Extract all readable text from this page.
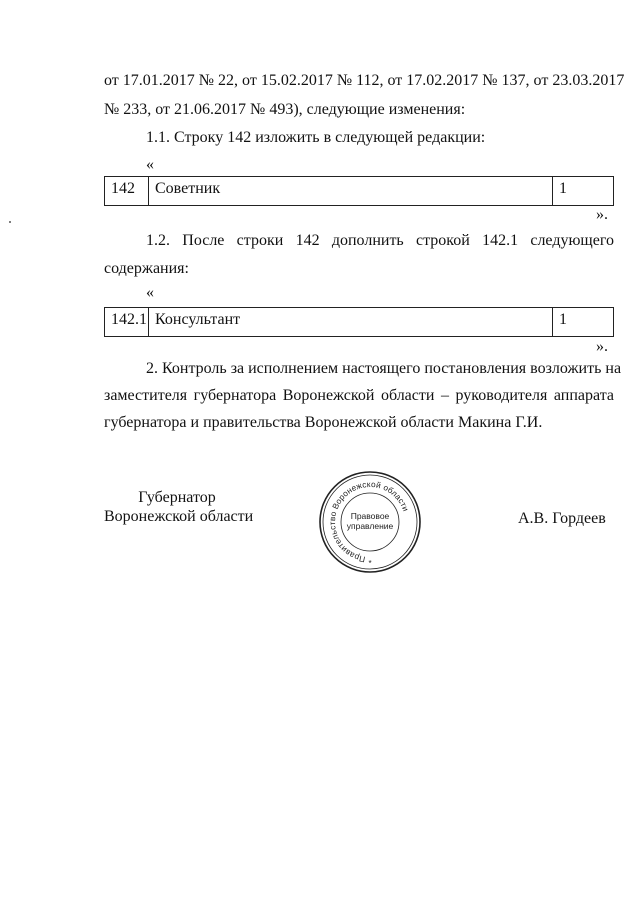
от 17.01.2017 № 22, от 15.02.2017 № 112, от 17.02.2017 № 137, от 23.03.2017
№ 233, от 21.06.2017 № 493), следующие изменения:
1.1. Строку 142 изложить в следующей редакции:
«
142	Советник	1
».
1.2. После строки 142 дополнить строкой 142.1 следующего
содержания:
«
142.1 Консультант	1
».
2. Контроль за исполнением настоящего постановления возложить на
заместителя губернатора Воронежской области – руководителя аппарата
губернатора и правительства Воронежской области Макина Г.И.
Губернатор
Воронежской области	А.В. Гордеев
Правительство Воронежской области
Правовое
управление
*
